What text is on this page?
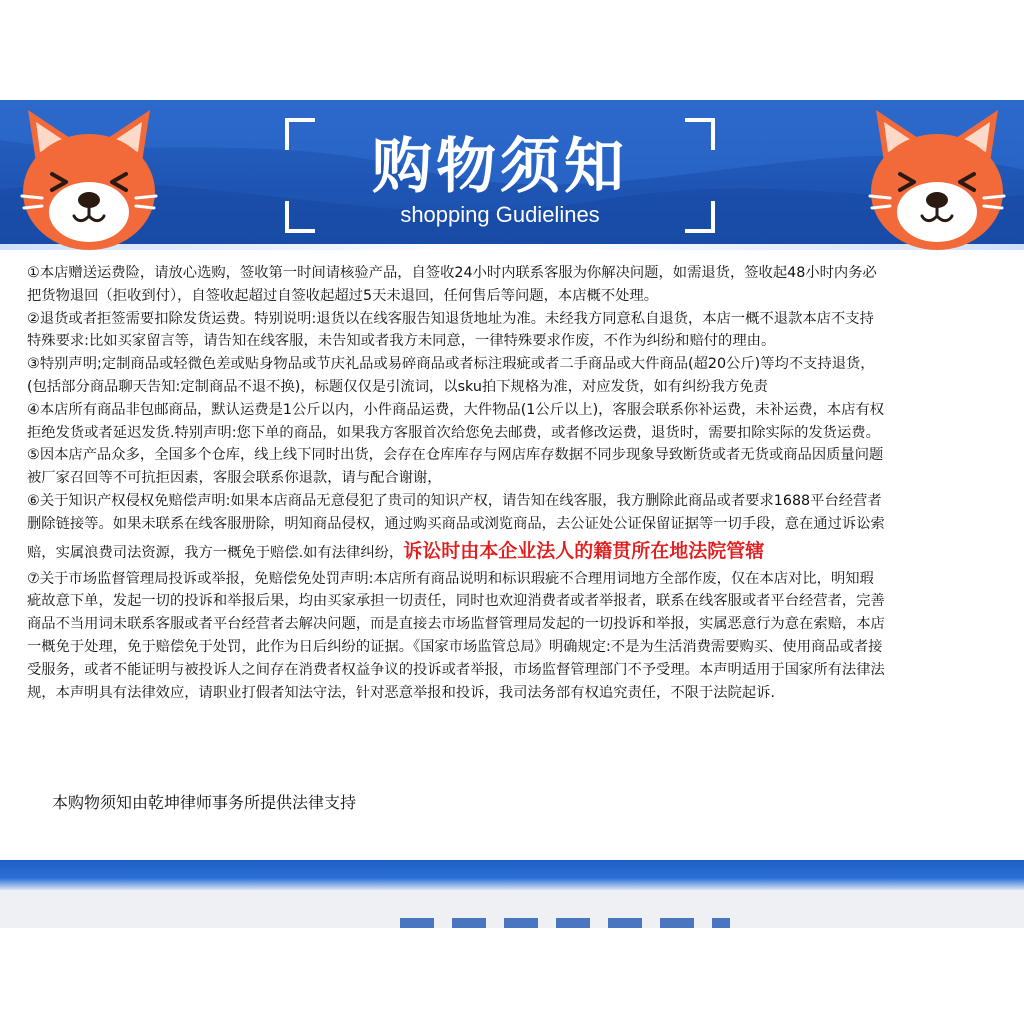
购物须知
shopping Gudielines

①本店赠送运费险，请放心选购，签收第一时间请核验产品，自签收24小时内联系客服为你解决问题，如需退货，签收起48小时内务必

把货物退回（拒收到付），自签收起超过自签收起超过5天未退回，任何售后等问题，本店概不处理。

②退货或者拒签需要扣除发货运费。特别说明:退货以在线客服告知退货地址为准。未经我方同意私自退货，本店一概不退款本店不支持

特殊要求:比如买家留言等，请告知在线客服，未告知或者我方未同意，一律特殊要求作废，不作为纠纷和赔付的理由。

③特别声明;定制商品或轻微色差或贴身物品或节庆礼品或易碎商品或者标注瑕疵或者二手商品或大件商品(超20公斤)等均不支持退货，

(包括部分商品聊天告知:定制商品不退不换)，标题仅仅是引流词，以sku拍下规格为准，对应发货，如有纠纷我方免责

④本店所有商品非包邮商品，默认运费是1公斤以内，小件商品运费，大件物品(1公斤以上)，客服会联系你补运费，未补运费，本店有权

拒绝发货或者延迟发货.特别声明:您下单的商品，如果我方客服首次给您免去邮费，或者修改运费，退货时，需要扣除实际的发货运费。

⑤因本店产品众多，全国多个仓库，线上线下同时出货，会存在仓库库存与网店库存数据不同步现象导致断货或者无货或商品因质量问题

被厂家召回等不可抗拒因素，客服会联系你退款，请与配合谢谢，

⑥关于知识产权侵权免赔偿声明:如果本店商品无意侵犯了贵司的知识产权，请告知在线客服，我方删除此商品或者要求1688平台经营者

删除链接等。如果未联系在线客服册除，明知商品侵权，通过购买商品或浏览商品，去公证处公证保留证据等一切手段，意在通过诉讼索

赔，实属浪费司法资源，我方一概免于赔偿.如有法律纠纷，诉讼时由本企业法人的籍贯所在地法院管辖

⑦关于市场监督管理局投诉或举报，免赔偿免处罚声明:本店所有商品说明和标识瑕疵不合理用词地方全部作废，仅在本店对比，明知瑕

疵故意下单，发起一切的投诉和举报后果，均由买家承担一切责任，同时也欢迎消费者或者举报者，联系在线客服或者平台经营者，完善

商品不当用词未联系客服或者平台经营者去解决问题，而是直接去市场监督管理局发起的一切投诉和举报，实属恶意行为意在索赔，本店

一概免于处理，免于赔偿免于处罚，此作为日后纠纷的证据。《国家市场监管总局》明确规定:不是为生活消费需要购买、使用商品或者接

受服务，或者不能证明与被投诉人之间存在消费者权益争议的投诉或者举报，市场监督管理部门不予受理。本声明适用于国家所有法律法

规，本声明具有法律效应，请职业打假者知法守法，针对恶意举报和投诉，我司法务部有权追究责任，不限于法院起诉.

本购物须知由乾坤律师事务所提供法律支持
